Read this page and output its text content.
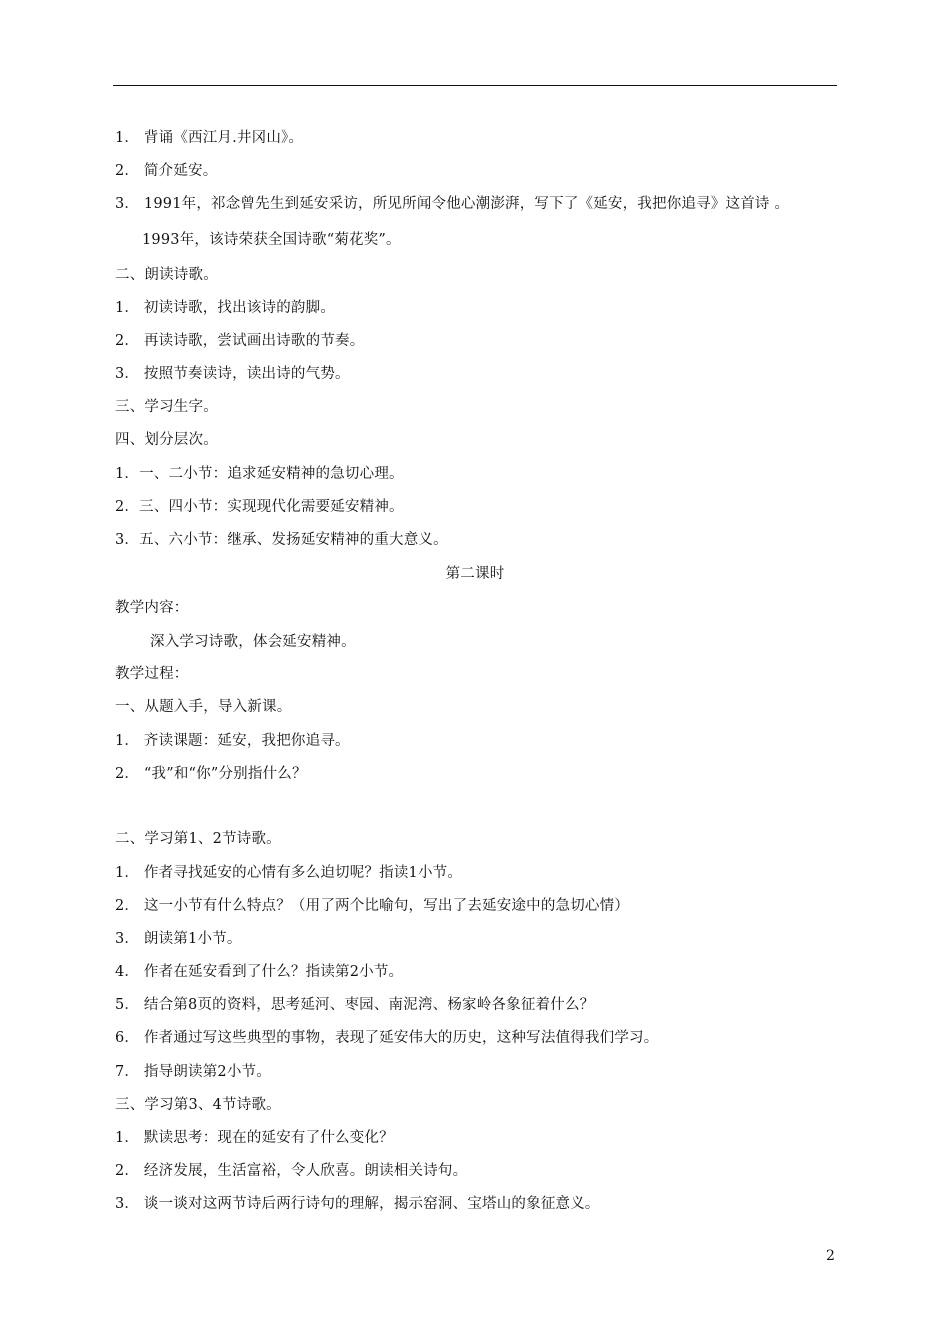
1． 背诵《西江月.井冈山》。
2． 简介延安。
3． 1991年，祁念曾先生到延安采访，所见所闻令他心潮澎湃，写下了《延安，我把你追寻》这首诗 。
1993年，该诗荣获全国诗歌“菊花奖”。
二、朗读诗歌。
1． 初读诗歌，找出该诗的韵脚。
2． 再读诗歌，尝试画出诗歌的节奏。
3． 按照节奏读诗，读出诗的气势。
三、学习生字。
四、划分层次。
1．一、二小节：追求延安精神的急切心理。
2．三、四小节：实现现代化需要延安精神。
3．五、六小节：继承、发扬延安精神的重大意义。
第二课时
教学内容：
深入学习诗歌，体会延安精神。
教学过程：
一、从题入手，导入新课。
1． 齐读课题：延安，我把你追寻。
2． “我”和“你”分别指什么？
二、学习第1、2节诗歌。
1． 作者寻找延安的心情有多么迫切呢？指读1小节。
2． 这一小节有什么特点？（用了两个比喻句，写出了去延安途中的急切心情）
3． 朗读第1小节。
4． 作者在延安看到了什么？指读第2小节。
5． 结合第8页的资料，思考延河、枣园、南泥湾、杨家岭各象征着什么？
6． 作者通过写这些典型的事物，表现了延安伟大的历史，这种写法值得我们学习。
7． 指导朗读第2小节。
三、学习第3、4节诗歌。
1． 默读思考：现在的延安有了什么变化？
2． 经济发展，生活富裕，令人欣喜。朗读相关诗句。
3． 谈一谈对这两节诗后两行诗句的理解，揭示窑洞、宝塔山的象征意义。
2
